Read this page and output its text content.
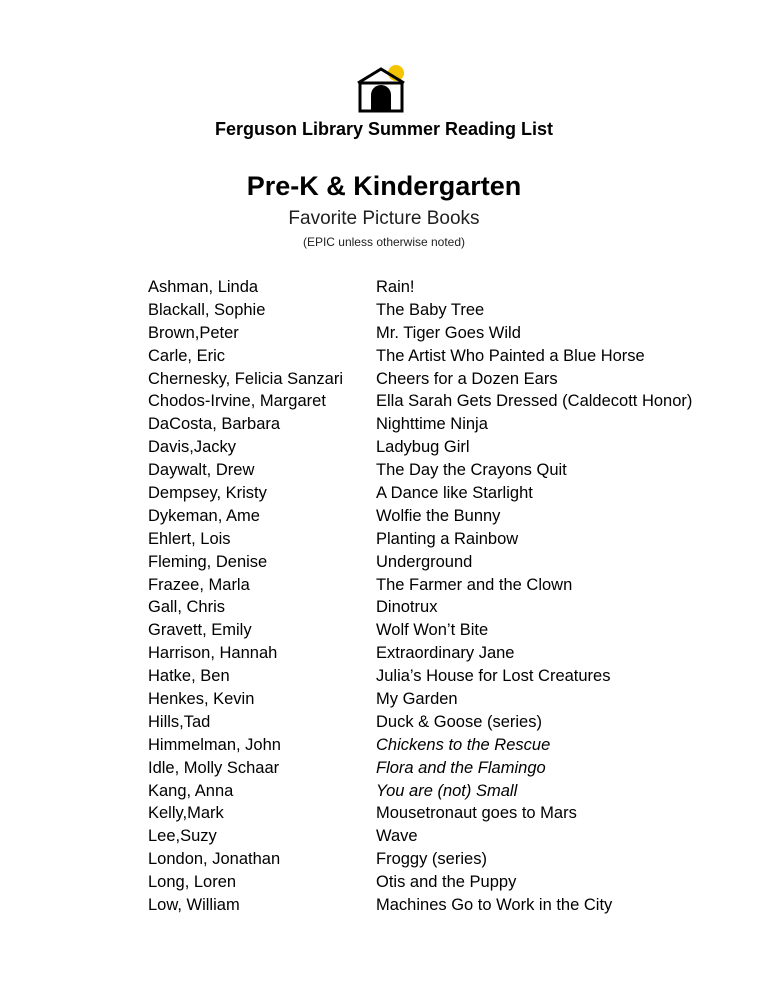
Ferguson Library Summer Reading List
Pre-K & Kindergarten
Favorite Picture Books
(EPIC unless otherwise noted)
Ashman, Linda
Blackall, Sophie
Brown,Peter
Carle, Eric
Chernesky, Felicia Sanzari
Chodos-Irvine, Margaret
DaCosta, Barbara
Davis,Jacky
Daywalt, Drew
Dempsey, Kristy
Dykeman, Ame
Ehlert, Lois
Fleming, Denise
Frazee, Marla
Gall, Chris
Gravett, Emily
Harrison, Hannah
Hatke, Ben
Henkes, Kevin
Hills,Tad
Himmelman, John
Idle, Molly Schaar
Kang, Anna
Kelly,Mark
Lee,Suzy
London, Jonathan
Long, Loren
Low, William
Rain!
The Baby Tree
Mr. Tiger Goes Wild
The Artist Who Painted a Blue Horse
Cheers for a Dozen Ears
Ella Sarah Gets Dressed (Caldecott Honor)
Nighttime Ninja
Ladybug Girl
The Day the Crayons Quit
A Dance like Starlight
Wolfie the Bunny
Planting a Rainbow
Underground
The Farmer and the Clown
Dinotrux
Wolf Won’t Bite
Extraordinary Jane
Julia’s House for Lost Creatures
My Garden
Duck & Goose (series)
Chickens to the Rescue
Flora and the Flamingo
You are (not) Small
Mousetronaut goes to Mars
Wave
Froggy (series)
Otis and the Puppy
Machines Go to Work in the City
